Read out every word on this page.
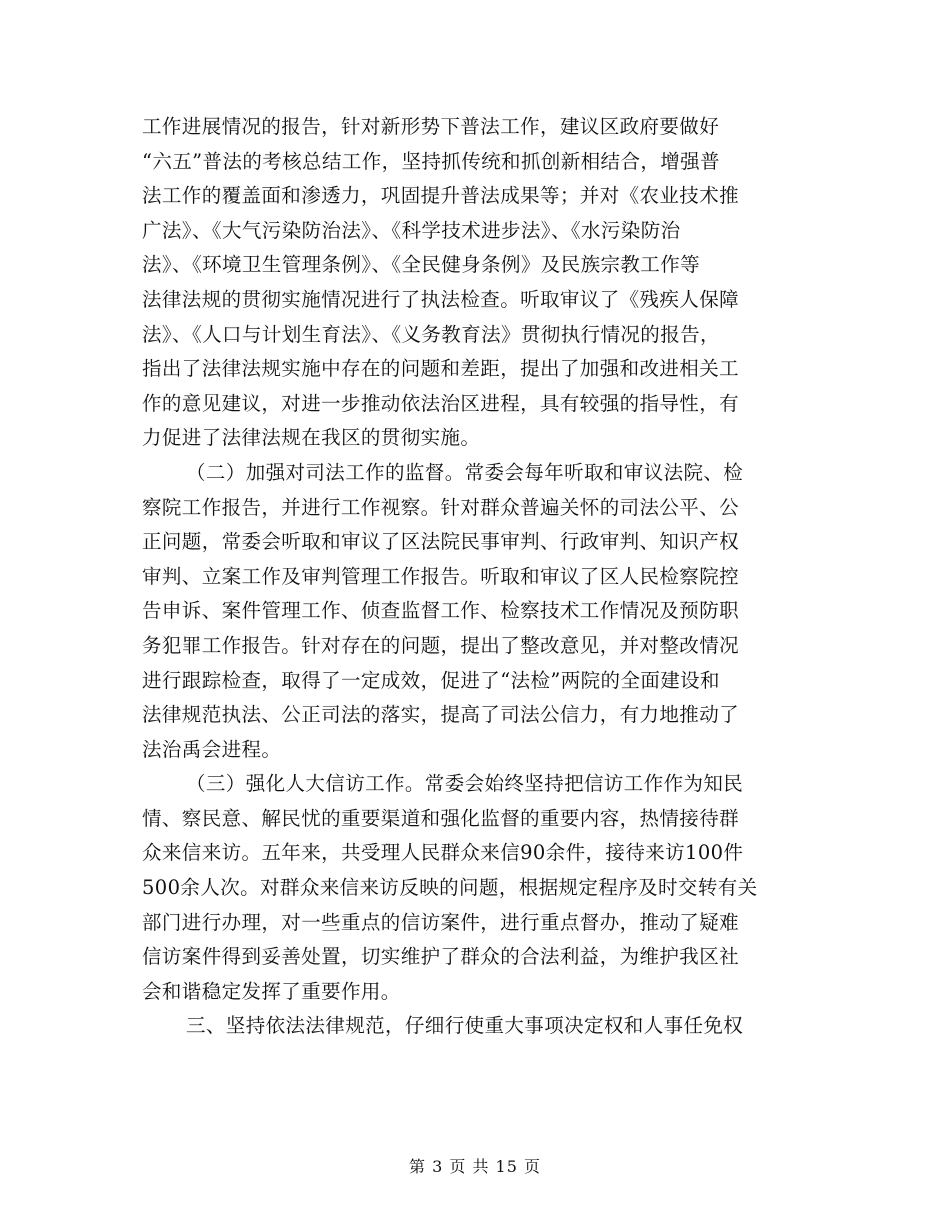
工作进展情况的报告，针对新形势下普法工作，建议区政府要做好
“六五”普法的考核总结工作，坚持抓传统和抓创新相结合，增强普
法工作的覆盖面和渗透力，巩固提升普法成果等；并对《农业技术推
广法》、《大气污染防治法》、《科学技术进步法》、《水污染防治
法》、《环境卫生管理条例》、《全民健身条例》及民族宗教工作等
法律法规的贯彻实施情况进行了执法检查。听取审议了《残疾人保障
法》、《人口与计划生育法》、《义务教育法》贯彻执行情况的报告，
指出了法律法规实施中存在的问题和差距，提出了加强和改进相关工
作的意见建议，对进一步推动依法治区进程，具有较强的指导性，有
力促进了法律法规在我区的贯彻实施。
（二）加强对司法工作的监督。常委会每年听取和审议法院、检
察院工作报告，并进行工作视察。针对群众普遍关怀的司法公平、公
正问题，常委会听取和审议了区法院民事审判、行政审判、知识产权
审判、立案工作及审判管理工作报告。听取和审议了区人民检察院控
告申诉、案件管理工作、侦查监督工作、检察技术工作情况及预防职
务犯罪工作报告。针对存在的问题，提出了整改意见，并对整改情况
进行跟踪检查，取得了一定成效，促进了“法检”两院的全面建设和
法律规范执法、公正司法的落实，提高了司法公信力，有力地推动了
法治禹会进程。
（三）强化人大信访工作。常委会始终坚持把信访工作作为知民
情、察民意、解民忧的重要渠道和强化监督的重要内容，热情接待群
众来信来访。五年来，共受理人民群众来信90余件，接待来访100件
500余人次。对群众来信来访反映的问题，根据规定程序及时交转有关
部门进行办理，对一些重点的信访案件，进行重点督办，推动了疑难
信访案件得到妥善处置，切实维护了群众的合法利益，为维护我区社
会和谐稳定发挥了重要作用。
三、坚持依法法律规范，仔细行使重大事项决定权和人事任免权
第 3 页 共 15 页
